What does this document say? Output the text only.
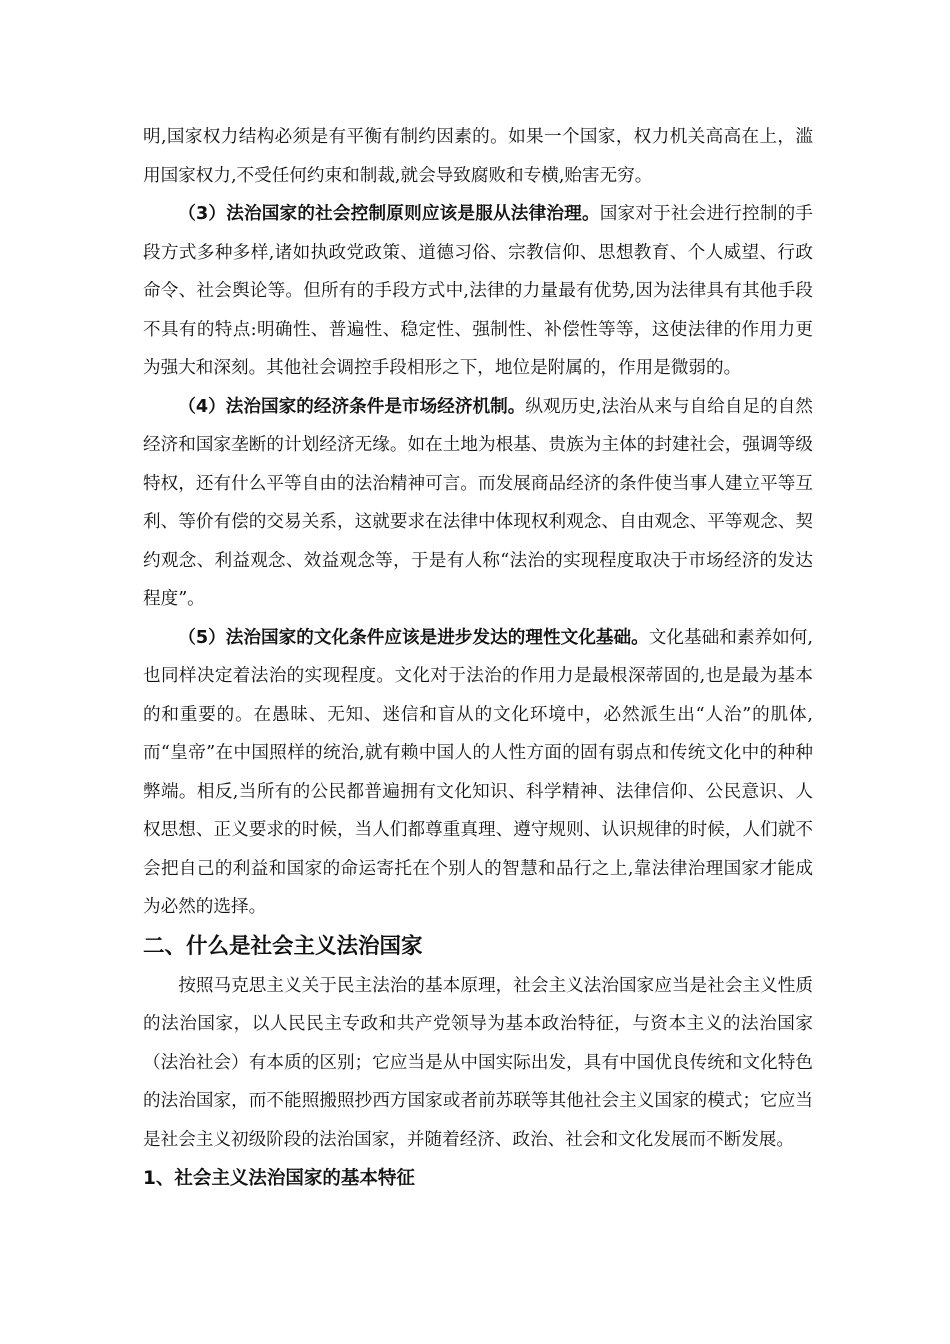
明,国家权力结构必须是有平衡有制约因素的。如果一个国家，权力机关高高在上，滥用国家权力,不受任何约束和制裁,就会导致腐败和专横,贻害无穷。

（3）法治国家的社会控制原则应该是服从法律治理。国家对于社会进行控制的手段方式多种多样,诸如执政党政策、道德习俗、宗教信仰、思想教育、个人威望、行政命令、社会舆论等。但所有的手段方式中,法律的力量最有优势,因为法律具有其他手段不具有的特点:明确性、普遍性、稳定性、强制性、补偿性等等，这使法律的作用力更为强大和深刻。其他社会调控手段相形之下，地位是附属的，作用是微弱的。

（4）法治国家的经济条件是市场经济机制。纵观历史,法治从来与自给自足的自然经济和国家垄断的计划经济无缘。如在土地为根基、贵族为主体的封建社会，强调等级特权，还有什么平等自由的法治精神可言。而发展商品经济的条件使当事人建立平等互利、等价有偿的交易关系，这就要求在法律中体现权利观念、自由观念、平等观念、契约观念、利益观念、效益观念等，于是有人称“法治的实现程度取决于市场经济的发达程度”。

（5）法治国家的文化条件应该是进步发达的理性文化基础。文化基础和素养如何,也同样决定着法治的实现程度。文化对于法治的作用力是最根深蒂固的,也是最为基本的和重要的。在愚昧、无知、迷信和盲从的文化环境中，必然派生出“人治”的肌体,而“皇帝”在中国照样的统治,就有赖中国人的人性方面的固有弱点和传统文化中的种种弊端。相反,当所有的公民都普遍拥有文化知识、科学精神、法律信仰、公民意识、人权思想、正义要求的时候，当人们都尊重真理、遵守规则、认识规律的时候，人们就不会把自己的利益和国家的命运寄托在个别人的智慧和品行之上,靠法律治理国家才能成为必然的选择。

二、什么是社会主义法治国家

按照马克思主义关于民主法治的基本原理，社会主义法治国家应当是社会主义性质的法治国家，以人民民主专政和共产党领导为基本政治特征，与资本主义的法治国家（法治社会）有本质的区别；它应当是从中国实际出发，具有中国优良传统和文化特色的法治国家，而不能照搬照抄西方国家或者前苏联等其他社会主义国家的模式；它应当是社会主义初级阶段的法治国家，并随着经济、政治、社会和文化发展而不断发展。

1、社会主义法治国家的基本特征
